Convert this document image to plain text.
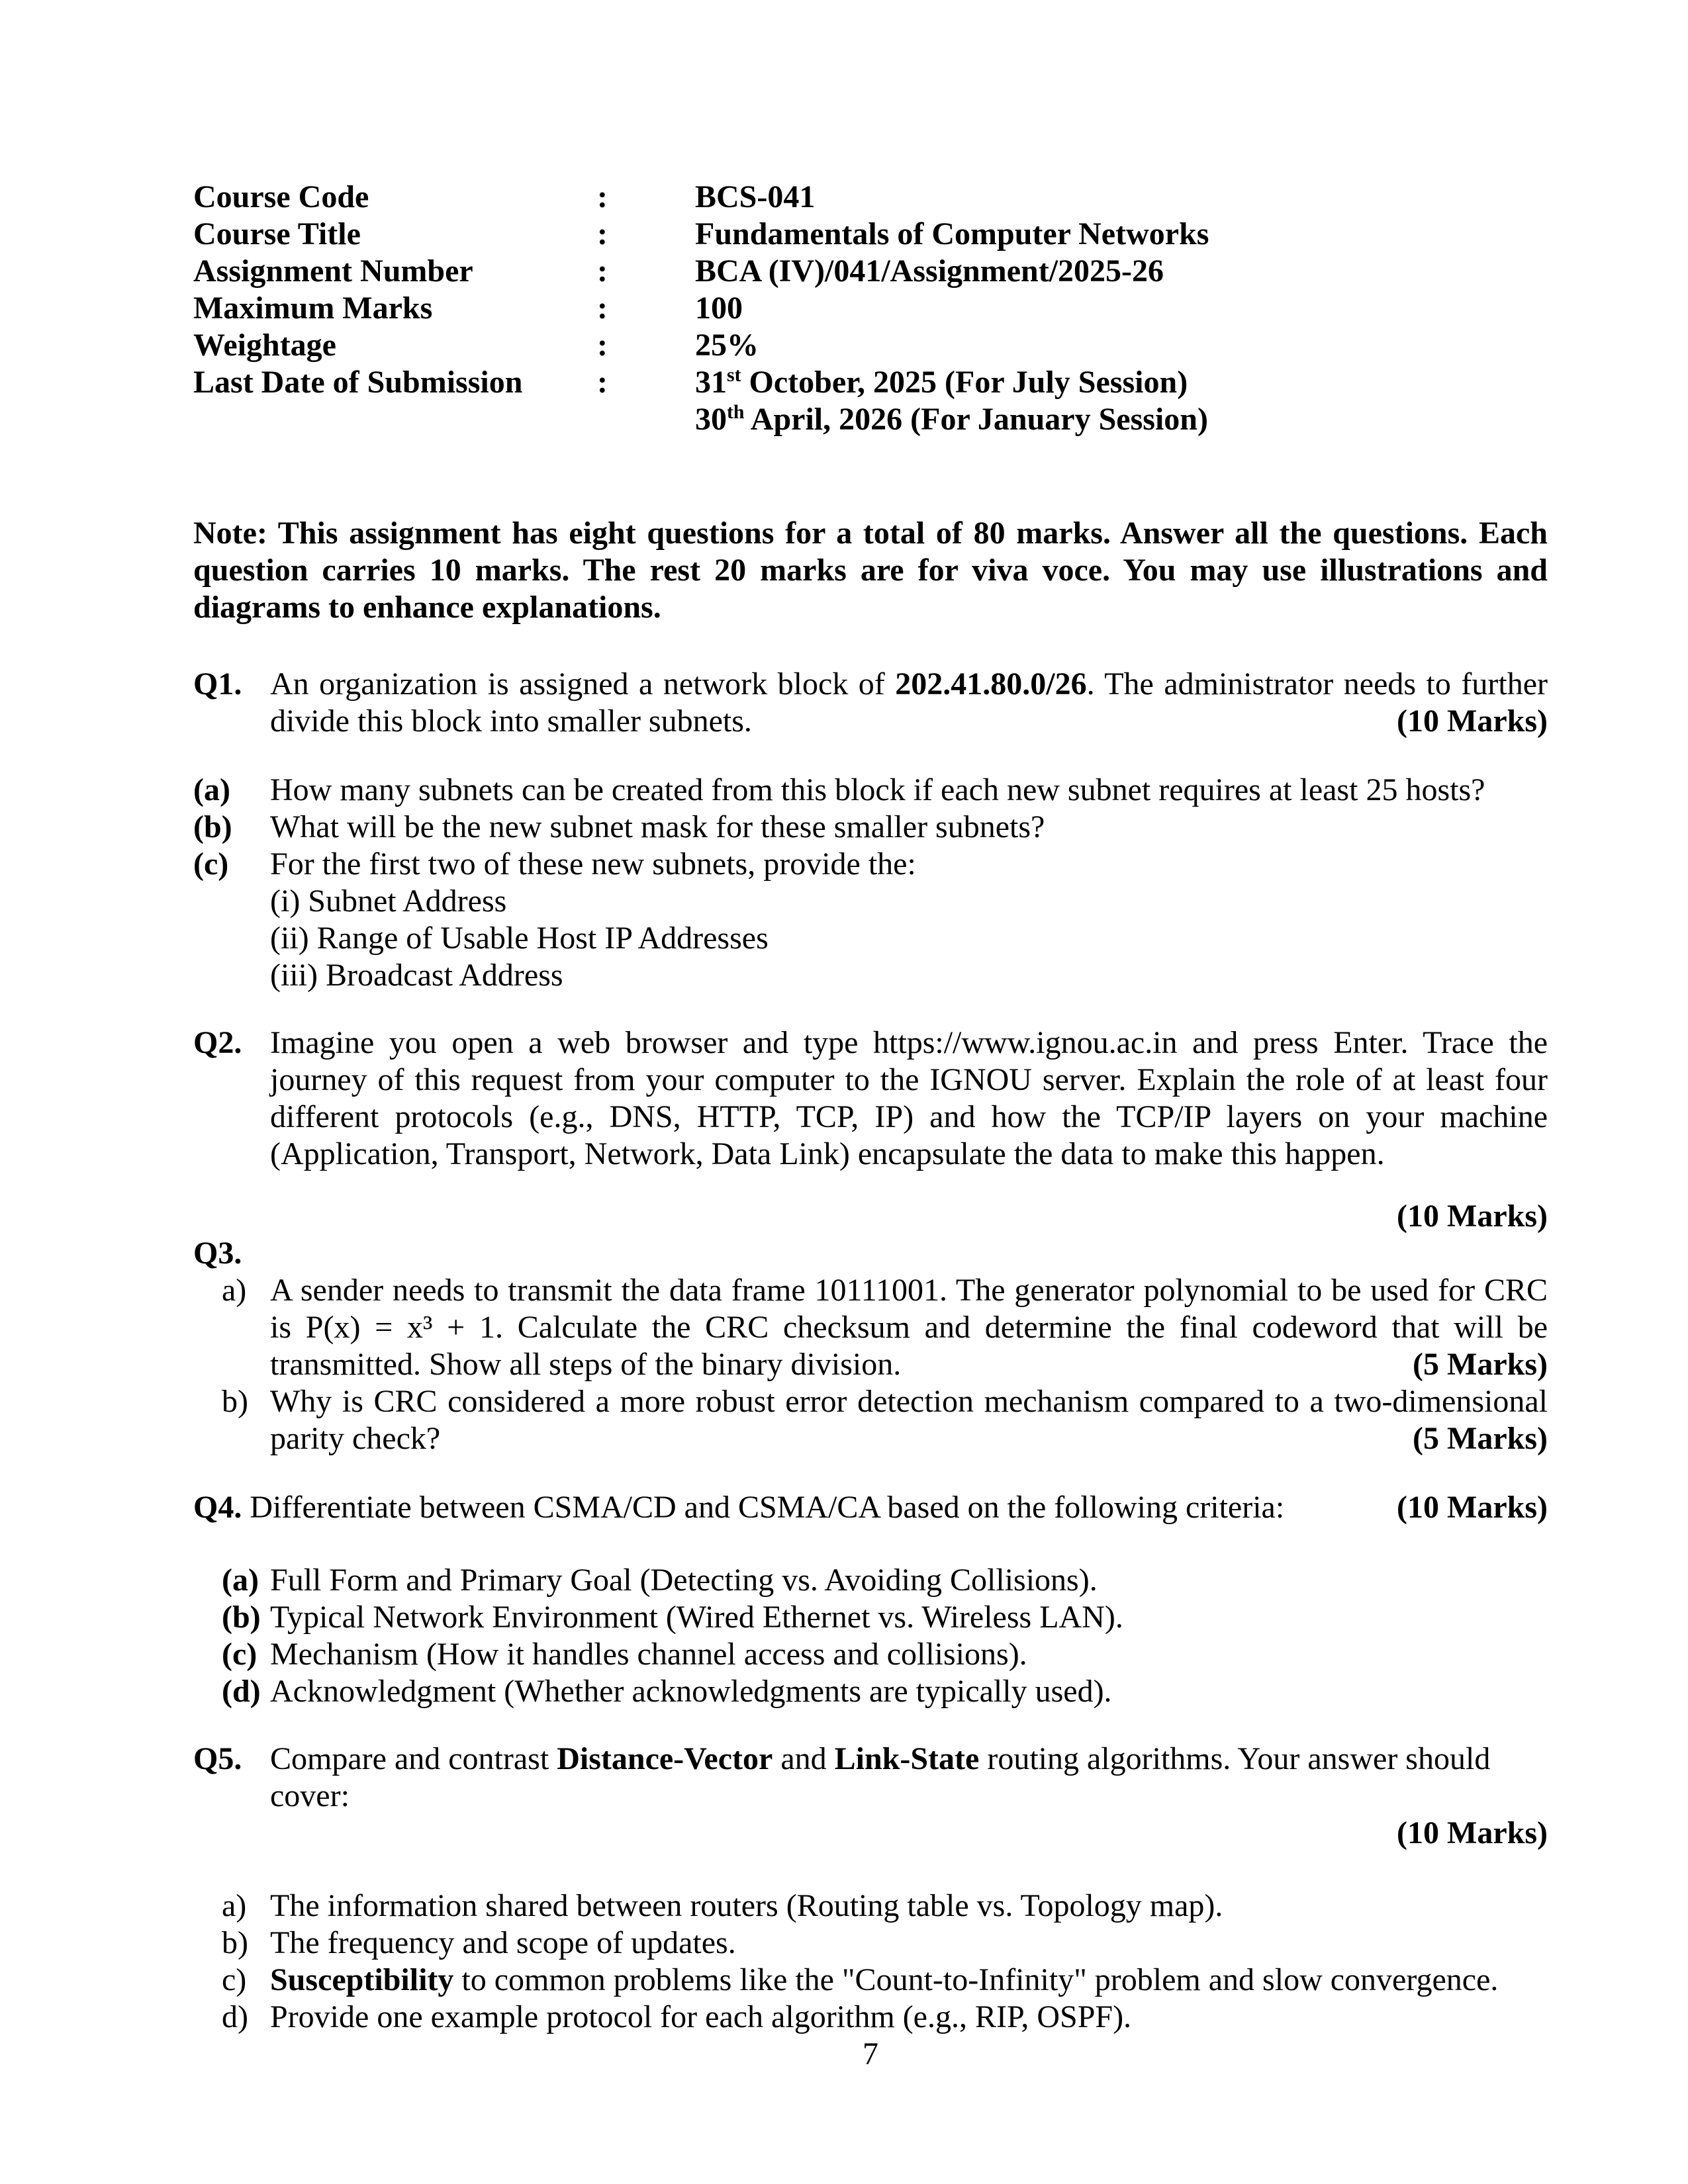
Course Code	:	BCS-041
Course Title	:	Fundamentals of Computer Networks
Assignment Number	:	BCA (IV)/041/Assignment/2025-26
Maximum Marks	:	100
Weightage	:	25%
Last Date of Submission	:	31st October, 2025 (For July Session)
30th April, 2026 (For January Session)

Note: This assignment has eight questions for a total of 80 marks. Answer all the questions. Each question carries 10 marks. The rest 20 marks are for viva voce. You may use illustrations and diagrams to enhance explanations.

Q1. An organization is assigned a network block of 202.41.80.0/26. The administrator needs to further divide this block into smaller subnets.	(10 Marks)
(a)	How many subnets can be created from this block if each new subnet requires at least 25 hosts?
(b)	What will be the new subnet mask for these smaller subnets?
(c)	For the first two of these new subnets, provide the:
(i) Subnet Address
(ii) Range of Usable Host IP Addresses
(iii) Broadcast Address
Q2. Imagine you open a web browser and type https://www.ignou.ac.in and press Enter. Trace the journey of this request from your computer to the IGNOU server. Explain the role of at least four different protocols (e.g., DNS, HTTP, TCP, IP) and how the TCP/IP layers on your machine (Application, Transport, Network, Data Link) encapsulate the data to make this happen.
(10 Marks)
Q3.
a) A sender needs to transmit the data frame 10111001. The generator polynomial to be used for CRC is P(x) = x³ + 1. Calculate the CRC checksum and determine the final codeword that will be transmitted. Show all steps of the binary division.	(5 Marks)
b) Why is CRC considered a more robust error detection mechanism compared to a two-dimensional parity check?	(5 Marks)
Q4. Differentiate between CSMA/CD and CSMA/CA based on the following criteria:	(10 Marks)
(a) Full Form and Primary Goal (Detecting vs. Avoiding Collisions).
(b) Typical Network Environment (Wired Ethernet vs. Wireless LAN).
(c) Mechanism (How it handles channel access and collisions).
(d) Acknowledgment (Whether acknowledgments are typically used).
Q5. Compare and contrast Distance-Vector and Link-State routing algorithms. Your answer should cover:
(10 Marks)
a) The information shared between routers (Routing table vs. Topology map).
b) The frequency and scope of updates.
c) Susceptibility to common problems like the "Count-to-Infinity" problem and slow convergence.
d) Provide one example protocol for each algorithm (e.g., RIP, OSPF).
7
